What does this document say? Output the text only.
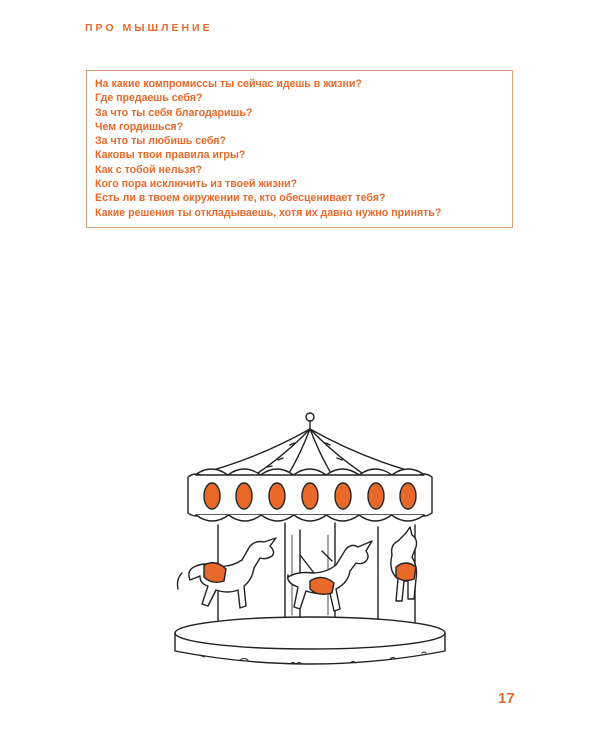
ПРО МЫШЛЕНИЕ
На какие компромиссы ты сейчас идешь в жизни?
Где предаешь себя?
За что ты себя благодаришь?
Чем гордишься?
За что ты любишь себя?
Каковы твои правила игры?
Как с тобой нельзя?
Кого пора исключить из твоей жизни?
Есть ли в твоем окружении те, кто обесценивает тебя?
Какие решения ты откладываешь, хотя их давно нужно принять?
17
